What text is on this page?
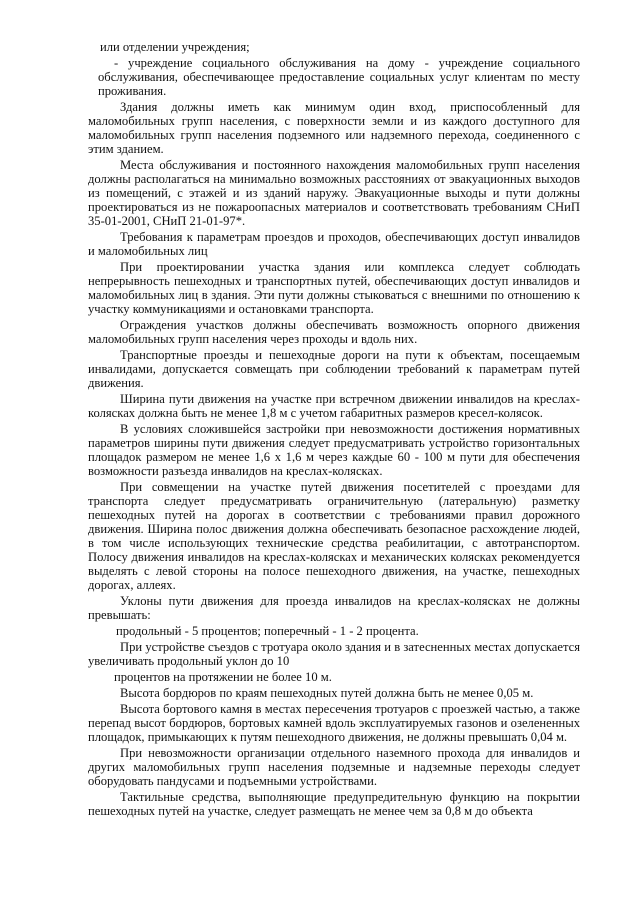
или отделении учреждения;

- учреждение социального обслуживания на дому - учреждение социального обслуживания, обеспечивающее предоставление социальных услуг клиентам по месту проживания.

Здания должны иметь как минимум один вход, приспособленный для маломобильных групп населения, с поверхности земли и из каждого доступного для маломобильных групп населения подземного или надземного перехода, соединенного с этим зданием.

Места обслуживания и постоянного нахождения маломобильных групп населения должны располагаться на минимально возможных расстояниях от эвакуационных выходов из помещений, с этажей и из зданий наружу. Эвакуационные выходы и пути должны проектироваться из не пожароопасных материалов и соответствовать требованиям СНиП 35-01-2001, СНиП 21-01-97*.

Требования к параметрам проездов и проходов, обеспечивающих доступ инвалидов и маломобильных лиц

При проектировании участка здания или комплекса следует соблюдать непрерывность пешеходных и транспортных путей, обеспечивающих доступ инвалидов и маломобильных лиц в здания. Эти пути должны стыковаться с внешними по отношению к участку коммуникациями и остановками транспорта.

Ограждения участков должны обеспечивать возможность опорного движения маломобильных групп населения через проходы и вдоль них.

Транспортные проезды и пешеходные дороги на пути к объектам, посещаемым инвалидами, допускается совмещать при соблюдении требований к параметрам путей движения.

Ширина пути движения на участке при встречном движении инвалидов на креслах-колясках должна быть не менее 1,8 м с учетом габаритных размеров кресел-колясок.

В условиях сложившейся застройки при невозможности достижения нормативных параметров ширины пути движения следует предусматривать устройство горизонтальных площадок размером не менее 1,6 х 1,6 м через каждые 60 - 100 м пути для обеспечения возможности разъезда инвалидов на креслах-колясках.

При совмещении на участке путей движения посетителей с проездами для транспорта следует предусматривать ограничительную (латеральную) разметку пешеходных путей на дорогах в соответствии с требованиями правил дорожного движения. Ширина полос движения должна обеспечивать безопасное расхождение людей, в том числе использующих технические средства реабилитации, с автотранспортом. Полосу движения инвалидов на креслах-колясках и механических колясках рекомендуется выделять с левой стороны на полосе пешеходного движения, на участке, пешеходных дорогах, аллеях.

Уклоны пути движения для проезда инвалидов на креслах-колясках не должны превышать:

продольный - 5 процентов; поперечный - 1 - 2 процента.

При устройстве съездов с тротуара около здания и в затесненных местах допускается увеличивать продольный уклон до 10

процентов на протяжении не более 10 м.

Высота бордюров по краям пешеходных путей должна быть не менее 0,05 м.

Высота бортового камня в местах пересечения тротуаров с проезжей частью, а также перепад высот бордюров, бортовых камней вдоль эксплуатируемых газонов и озелененных площадок, примыкающих к путям пешеходного движения, не должны превышать 0,04 м.

При невозможности организации отдельного наземного прохода для инвалидов и других маломобильных групп населения подземные и надземные переходы следует оборудовать пандусами и подъемными устройствами.

Тактильные средства, выполняющие предупредительную функцию на покрытии пешеходных путей на участке, следует размещать не менее чем за 0,8 м до объекта
